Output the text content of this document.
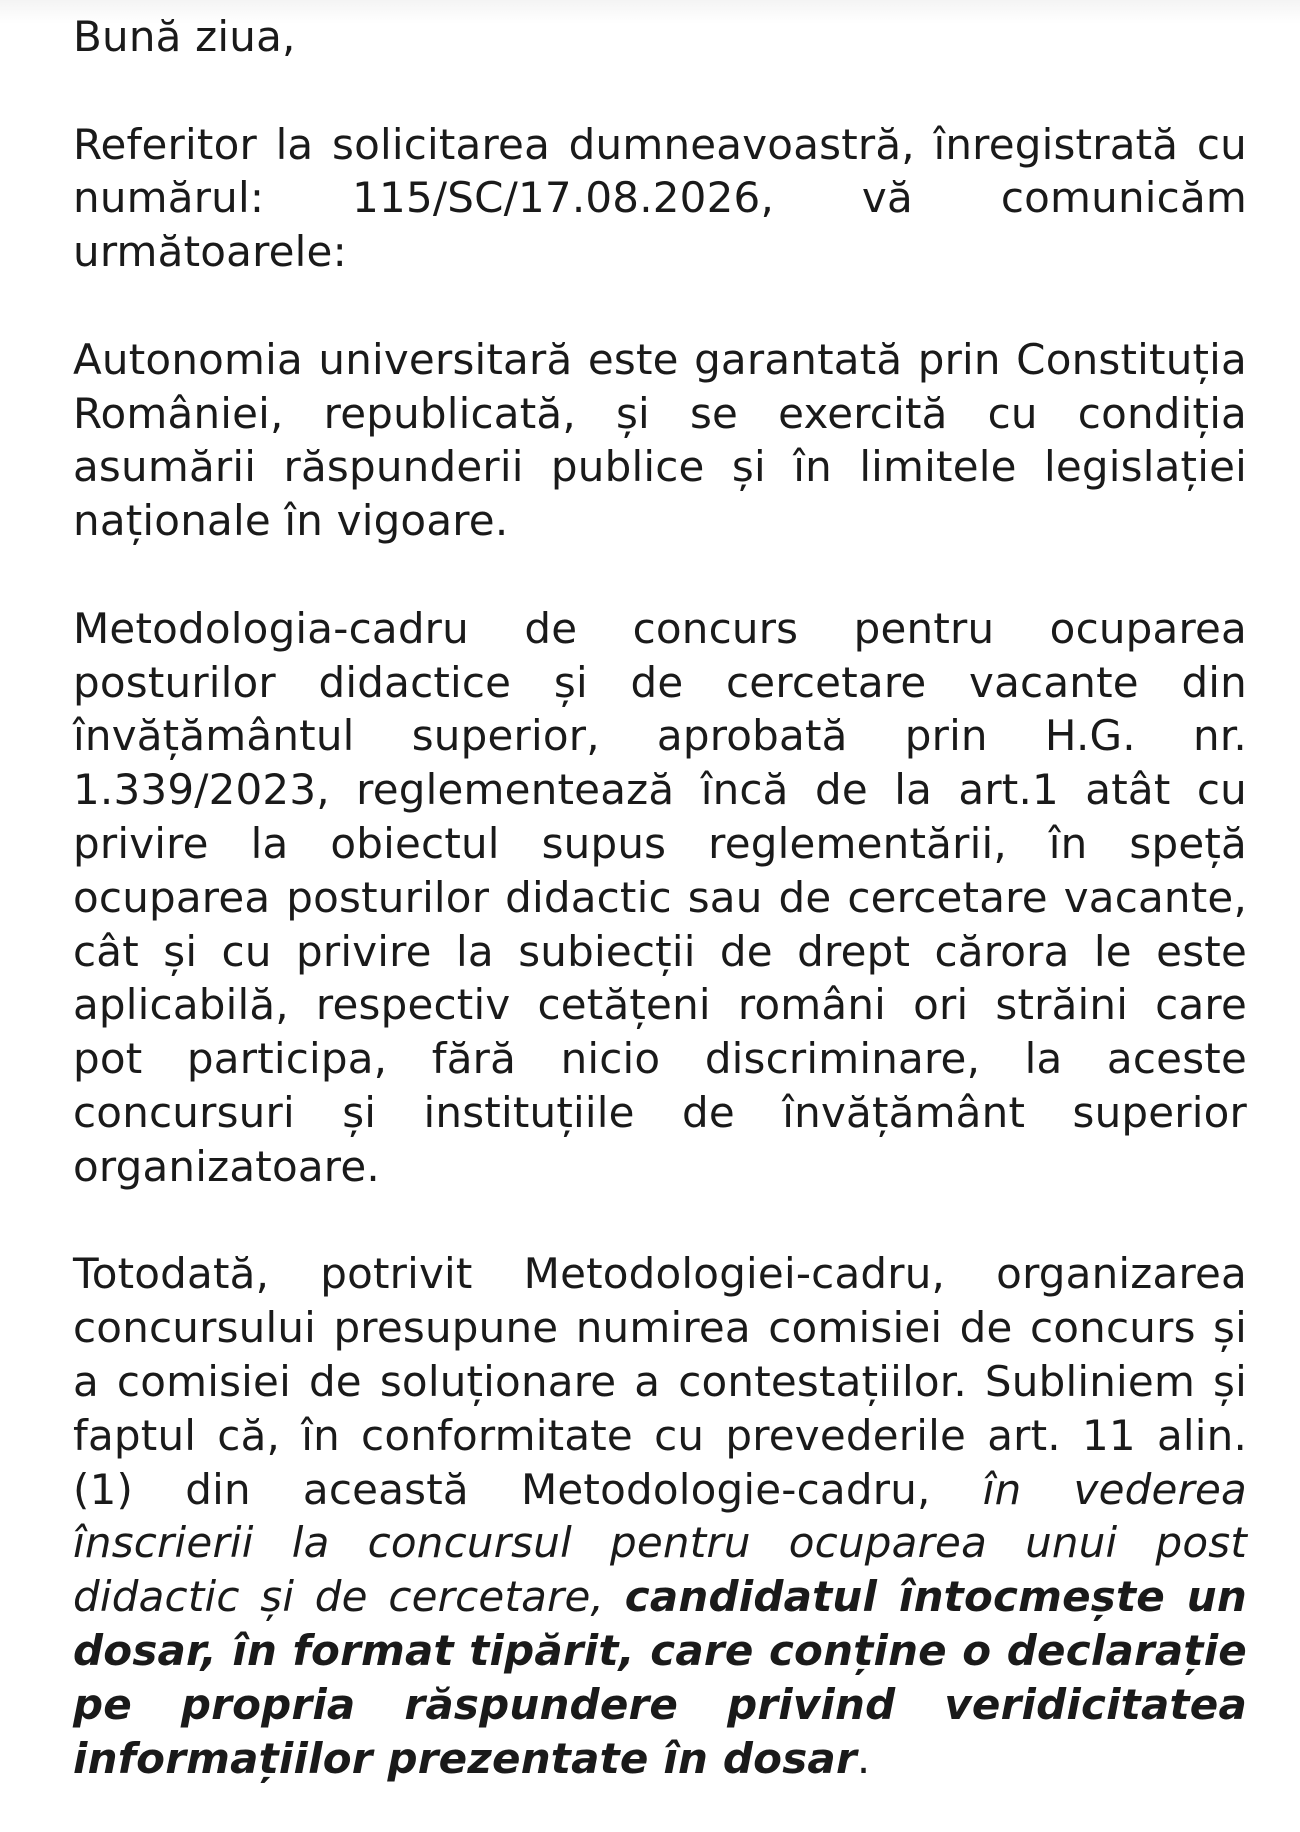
Bună ziua,

Referitor la solicitarea dumneavoastră, înregistrată cu numărul: 115/SC/17.08.2026, vă comunicăm următoarele:

Autonomia universitară este garantată prin Constituția României, republicată, și se exercită cu condiția asumării răspunderii publice și în limitele legislației naționale în vigoare.

Metodologia-cadru de concurs pentru ocuparea posturilor didactice și de cercetare vacante din învățământul superior, aprobată prin H.G. nr. 1.339/2023, reglementează încă de la art.1 atât cu privire la obiectul supus reglementării, în speță ocuparea posturilor didactic sau de cercetare vacante, cât și cu privire la subiecții de drept cărora le este aplicabilă, respectiv cetățeni români ori străini care pot participa, fără nicio discriminare, la aceste concursuri și instituțiile de învățământ superior organizatoare.

Totodată, potrivit Metodologiei-cadru, organizarea concursului presupune numirea comisiei de concurs și a comisiei de soluționare a contestațiilor. Subliniem și faptul că, în conformitate cu prevederile art. 11 alin. (1) din această Metodologie-cadru, în vederea înscrierii la concursul pentru ocuparea unui post didactic și de cercetare, candidatul întocmește un dosar, în format tipărit, care conține o declarație pe propria răspundere privind veridicitatea informațiilor prezentate în dosar.
